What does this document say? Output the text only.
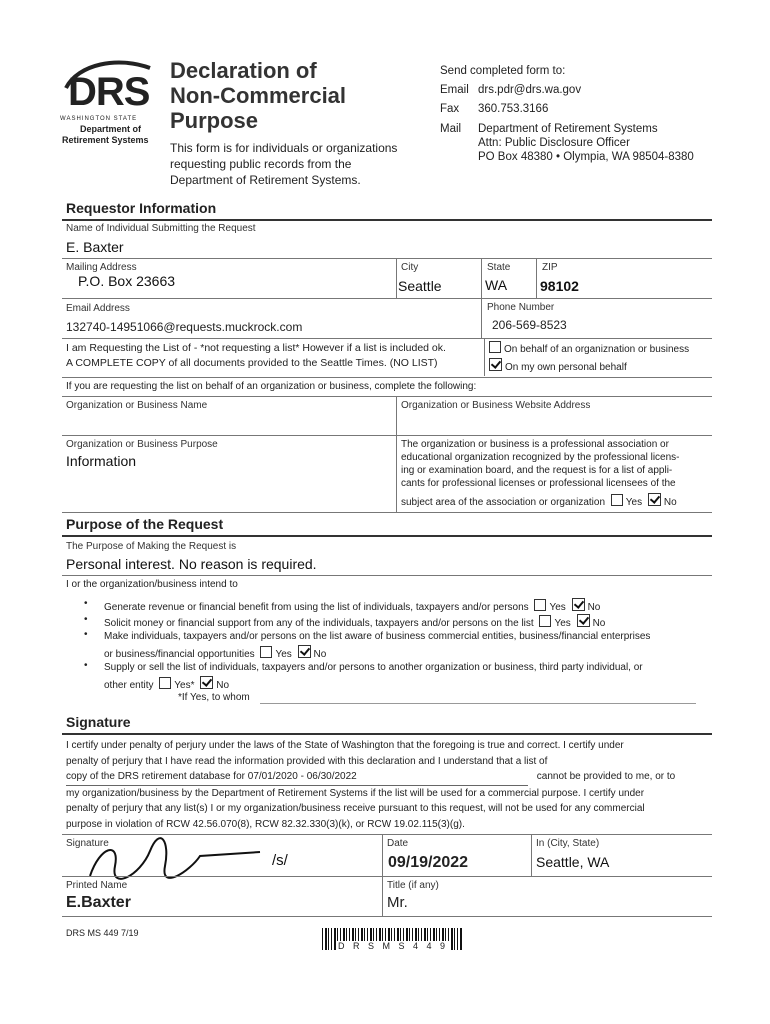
DRS
WASHINGTON STATE
Department of
Retirement Systems
Declaration of
Non-Commercial
Purpose
This form is for individuals or organizations
requesting public records from the
Department of Retirement Systems.
Send completed form to:
Email drs.pdr@drs.wa.gov
Fax 360.753.3166
Mail	Department of Retirement Systems
Attn: Public Disclosure Officer
PO Box 48380 • Olympia, WA 98504-8380
Requestor Information
Name of Individual Submitting the Request
E. Baxter
Mailing Address
P.O. Box 23663
City
Seattle
State
WA
ZIP
98102
Email Address
132740-14951066@requests.muckrock.com
Phone Number
206-569-8523
I am Requesting the List of - *not requesting a list* However if a list is included ok.
A COMPLETE COPY of all documents provided to the Seattle Times. (NO LIST)
On behalf of an organiznation or business
On my own personal behalf
If you are requesting the list on behalf of an organization or business, complete the following:
Organization or Business Name	Organization or Business Website Address
Organization or Business Purpose
Information
The organization or business is a professional association or
educational organization recognized by the professional licens-
ing or examination board, and the request is for a list of appli-
cants for professional licenses or professional licensees of the
subject area of the association or organization Yes No
Purpose of the Request
The Purpose of Making the Request is
Personal interest. No reason is required.
I or the organization/business intend to
• Generate revenue or financial benefit from using the list of individuals, taxpayers and/or persons Yes No
• Solicit money or financial support from any of the individuals, taxpayers and/or persons on the list Yes No
• Make individuals, taxpayers and/or persons on the list aware of business commercial entities, business/financial enterprises
or business/financial opportunities Yes No
• Supply or sell the list of individuals, taxpayers and/or persons to another organization or business, third party individual, or
other entity Yes* No
*If Yes, to whom
Signature
I certify under penalty of perjury under the laws of the State of Washington that the foregoing is true and correct. I certify under
penalty of perjury that I have read the information provided with this declaration and I understand that a list of
copy of the DRS retirement database for 07/01/2020 - 06/30/2022	cannot be provided to me, or to
my organization/business by the Department of Retirement Systems if the list will be used for a commercial purpose. I certify under
penalty of perjury that any list(s) I or my organization/business receive pursuant to this request, will not be used for any commercial
purpose in violation of RCW 42.56.070(8), RCW 82.32.330(3)(k), or RCW 19.02.115(3)(g).
Signature
/s/
Date
09/19/2022
In (City, State)
Seattle, WA
Printed Name
E.Baxter
Title (if any)
Mr.
DRS MS 449 7/19
D R S M S 4 4 9
